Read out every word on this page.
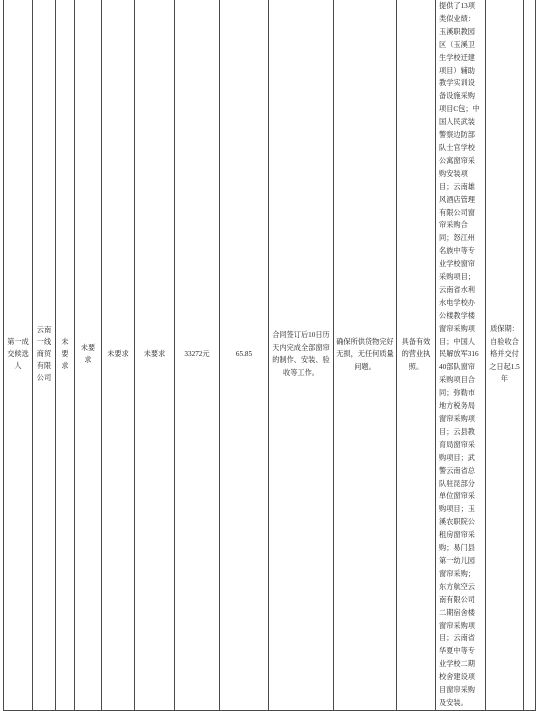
第一成交候选人	云南一线商贸有限公司	未要求	未要求	未要求	未要求	33272元	65.85	合同签订后10日历天内完成全部窗帘的制作、安装、验收等工作。	确保所供货物完好无损，无任何质量问题。	具备有效的营业执照。	提供了13项类似业绩：玉溪职教园区（玉溪卫生学校迁建项目）辅助教学实训设备设施采购项目C包；中国人民武装警察边防部队士官学校公寓窗帘采购安装项目；云南雄风酒店管理有限公司窗帘采购合同；怒江州名族中等专业学校窗帘采购项目；云南省水利水电学校办公楼教学楼窗帘采购项目；中国人民解放军31640部队窗帘采购项目合同；弥勒市地方税务局窗帘采购项目；云县教育局窗帘采购项目；武警云南省总队驻昆部分单位窗帘采购项目；玉溪农职院公租房窗帘采购；易门县第一幼儿园窗帘采购；东方航空云南有限公司二期宿舍楼窗帘采购项目；云南省华夏中等专业学校二期校舍建设项目窗帘采购及安装。	质保期：自验收合格并交付之日起1.5年	
